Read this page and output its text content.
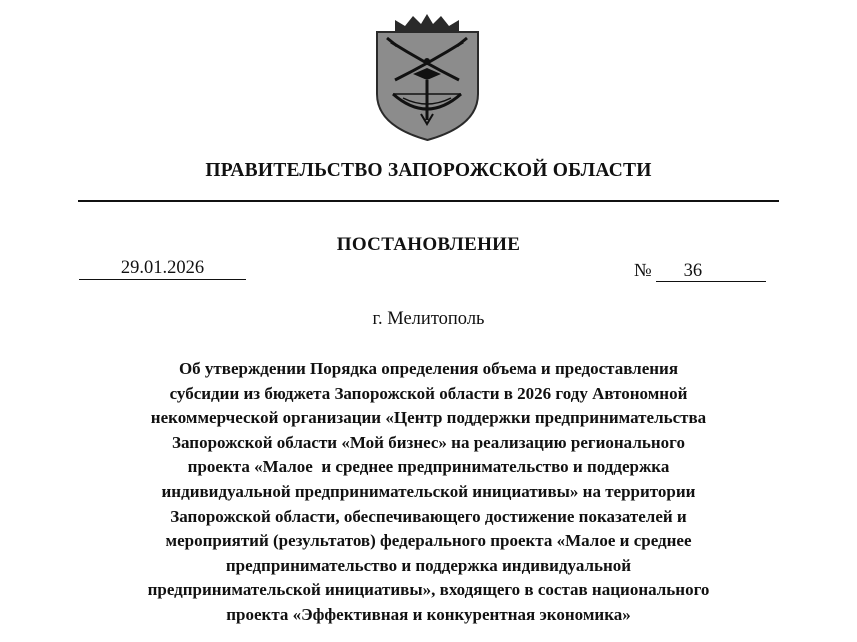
ПРАВИТЕЛЬСТВО ЗАПОРОЖСКОЙ ОБЛАСТИ
ПОСТАНОВЛЕНИЕ
29.01.2026	№ 36
г. Мелитополь
Об утверждении Порядка определения объема и предоставления
субсидии из бюджета Запорожской области в 2026 году Автономной
некоммерческой организации «Центр поддержки предпринимательства
Запорожской области «Мой бизнес» на реализацию регионального
проекта «Малое  и среднее предпринимательство и поддержка
индивидуальной предпринимательской инициативы» на территории
Запорожской области, обеспечивающего достижение показателей и
мероприятий (результатов) федерального проекта «Малое и среднее
предпринимательство и поддержка индивидуальной
предпринимательской инициативы», входящего в состав национального
проекта «Эффективная и конкурентная экономика»
